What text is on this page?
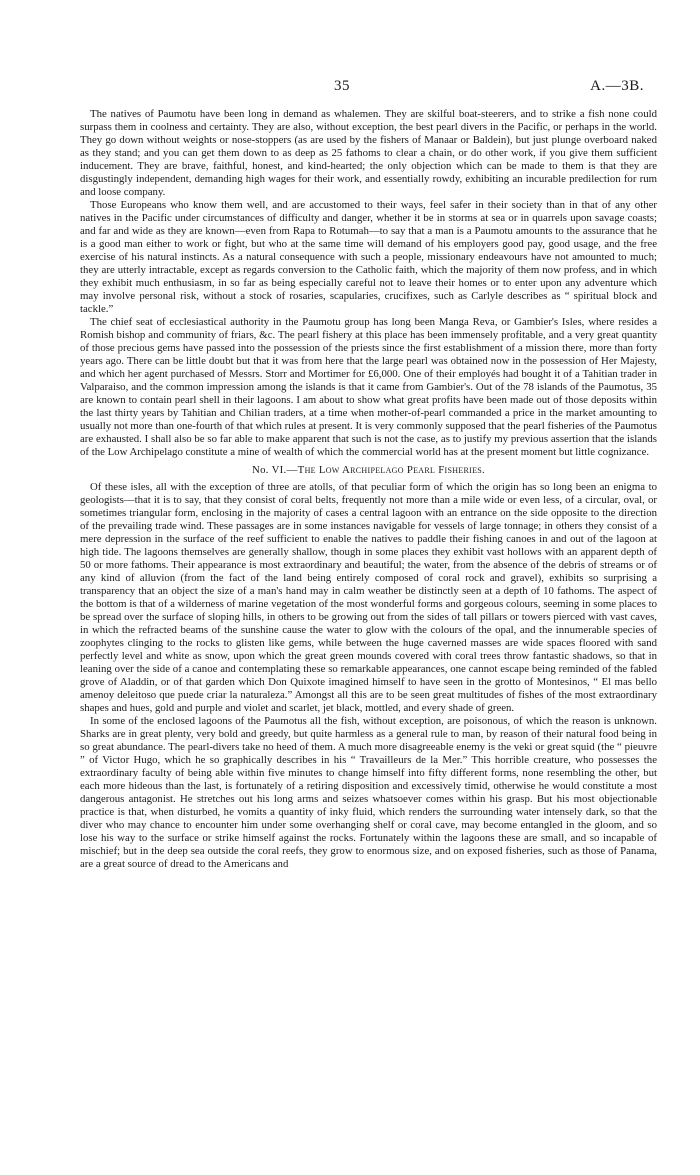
35	A.—3B.

The natives of Paumotu have been long in demand as whalemen. They are skilful boat-steerers, and to strike a fish none could surpass them in coolness and certainty. They are also, without exception, the best pearl divers in the Pacific, or perhaps in the world. They go down without weights or nose-stoppers (as are used by the fishers of Manaar or Baldein), but just plunge overboard naked as they stand; and you can get them down to as deep as 25 fathoms to clear a chain, or do other work, if you give them sufficient inducement. They are brave, faithful, honest, and kind-hearted; the only objection which can be made to them is that they are disgustingly independent, demanding high wages for their work, and essentially rowdy, exhibiting an incurable predilection for rum and loose company.

Those Europeans who know them well, and are accustomed to their ways, feel safer in their society than in that of any other natives in the Pacific under circumstances of difficulty and danger, whether it be in storms at sea or in quarrels upon savage coasts; and far and wide as they are known—even from Rapa to Rotumah—to say that a man is a Paumotu amounts to the assurance that he is a good man either to work or fight, but who at the same time will demand of his employers good pay, good usage, and the free exercise of his natural instincts. As a natural consequence with such a people, missionary endeavours have not amounted to much; they are utterly intractable, except as regards conversion to the Catholic faith, which the majority of them now profess, and in which they exhibit much enthusiasm, in so far as being especially careful not to leave their homes or to enter upon any adventure which may involve personal risk, without a stock of rosaries, scapularies, crucifixes, such as Carlyle describes as “ spiritual block and tackle.”

The chief seat of ecclesiastical authority in the Paumotu group has long been Manga Reva, or Gambier's Isles, where resides a Romish bishop and community of friars, &c. The pearl fishery at this place has been immensely profitable, and a very great quantity of those precious gems have passed into the possession of the priests since the first establishment of a mission there, more than forty years ago. There can be little doubt but that it was from here that the large pearl was obtained now in the possession of Her Majesty, and which her agent purchased of Messrs. Storr and Mortimer for £6,000. One of their employés had bought it of a Tahitian trader in Valparaiso, and the common impression among the islands is that it came from Gambier's. Out of the 78 islands of the Paumotus, 35 are known to contain pearl shell in their lagoons. I am about to show what great profits have been made out of those deposits within the last thirty years by Tahitian and Chilian traders, at a time when mother-of-pearl commanded a price in the market amounting to usually not more than one-fourth of that which rules at present. It is very commonly supposed that the pearl fisheries of the Paumotus are exhausted. I shall also be so far able to make apparent that such is not the case, as to justify my previous assertion that the islands of the Low Archipelago constitute a mine of wealth of which the commercial world has at the present moment but little cognizance.

No. VI.—The Low Archipelago Pearl Fisheries.

Of these isles, all with the exception of three are atolls, of that peculiar form of which the origin has so long been an enigma to geologists—that it is to say, that they consist of coral belts, frequently not more than a mile wide or even less, of a circular, oval, or sometimes triangular form, enclosing in the majority of cases a central lagoon with an entrance on the side opposite to the direction of the prevailing trade wind. These passages are in some instances navigable for vessels of large tonnage; in others they consist of a mere depression in the surface of the reef sufficient to enable the natives to paddle their fishing canoes in and out of the lagoon at high tide. The lagoons themselves are generally shallow, though in some places they exhibit vast hollows with an apparent depth of 50 or more fathoms. Their appearance is most extraordinary and beautiful; the water, from the absence of the debris of streams or of any kind of alluvion (from the fact of the land being entirely composed of coral rock and gravel), exhibits so surprising a transparency that an object the size of a man's hand may in calm weather be distinctly seen at a depth of 10 fathoms. The aspect of the bottom is that of a wilderness of marine vegetation of the most wonderful forms and gorgeous colours, seeming in some places to be spread over the surface of sloping hills, in others to be growing out from the sides of tall pillars or towers pierced with vast caves, in which the refracted beams of the sunshine cause the water to glow with the colours of the opal, and the innumerable species of zoophytes clinging to the rocks to glisten like gems, while between the huge caverned masses are wide spaces floored with sand perfectly level and white as snow, upon which the great green mounds covered with coral trees throw fantastic shadows, so that in leaning over the side of a canoe and contemplating these so remarkable appearances, one cannot escape being reminded of the fabled grove of Aladdin, or of that garden which Don Quixote imagined himself to have seen in the grotto of Montesinos, “ El mas bello amenoy deleitoso que puede criar la naturaleza.” Amongst all this are to be seen great multitudes of fishes of the most extraordinary shapes and hues, gold and purple and violet and scarlet, jet black, mottled, and every shade of green.

In some of the enclosed lagoons of the Paumotus all the fish, without exception, are poisonous, of which the reason is unknown. Sharks are in great plenty, very bold and greedy, but quite harmless as a general rule to man, by reason of their natural food being in so great abundance. The pearl-divers take no heed of them. A much more disagreeable enemy is the veki or great squid (the “ pieuvre ” of Victor Hugo, which he so graphically describes in his “ Travailleurs de la Mer.” This horrible creature, who possesses the extraordinary faculty of being able within five minutes to change himself into fifty different forms, none resembling the other, but each more hideous than the last, is fortunately of a retiring disposition and excessively timid, otherwise he would constitute a most dangerous antagonist. He stretches out his long arms and seizes whatsoever comes within his grasp. But his most objectionable practice is that, when disturbed, he vomits a quantity of inky fluid, which renders the surrounding water intensely dark, so that the diver who may chance to encounter him under some overhanging shelf or coral cave, may become entangled in the gloom, and so lose his way to the surface or strike himself against the rocks. Fortunately within the lagoons these are small, and so incapable of mischief; but in the deep sea outside the coral reefs, they grow to enormous size, and on exposed fisheries, such as those of Panama, are a great source of dread to the Americans and
